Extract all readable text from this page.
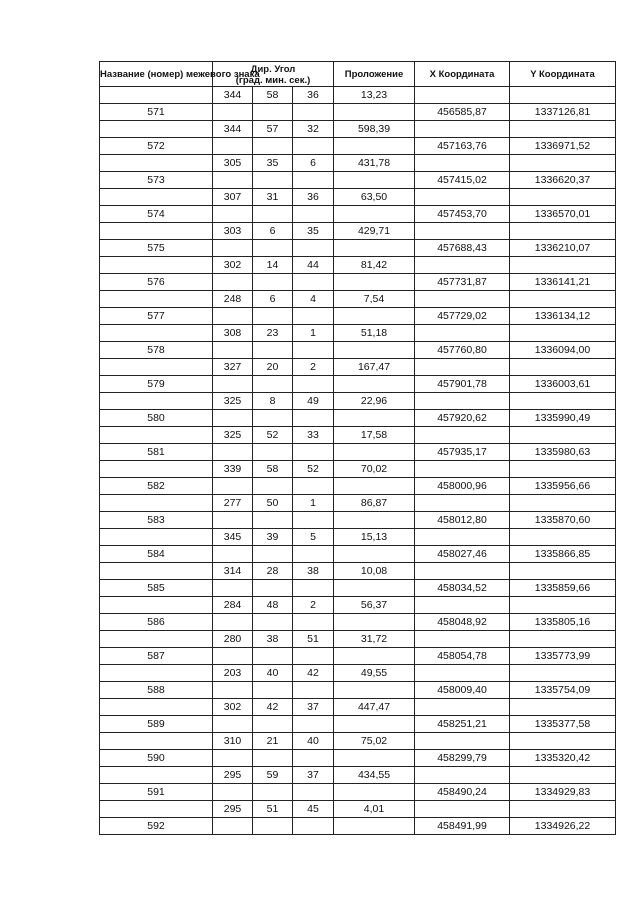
Название (номер) межевого знака	Дир. Угол
(град. мин. сек.)			Проложение	X Координата	Y Координата
	344	58	36	13,23		
571					456585,87	1337126,81
	344	57	32	598,39		
572					457163,76	1336971,52
	305	35	6	431,78		
573					457415,02	1336620,37
	307	31	36	63,50		
574					457453,70	1336570,01
	303	6	35	429,71		
575					457688,43	1336210,07
	302	14	44	81,42		
576					457731,87	1336141,21
	248	6	4	7,54		
577					457729,02	1336134,12
	308	23	1	51,18		
578					457760,80	1336094,00
	327	20	2	167,47		
579					457901,78	1336003,61
	325	8	49	22,96		
580					457920,62	1335990,49
	325	52	33	17,58		
581					457935,17	1335980,63
	339	58	52	70,02		
582					458000,96	1335956,66
	277	50	1	86,87		
583					458012,80	1335870,60
	345	39	5	15,13		
584					458027,46	1335866,85
	314	28	38	10,08		
585					458034,52	1335859,66
	284	48	2	56,37		
586					458048,92	1335805,16
	280	38	51	31,72		
587					458054,78	1335773,99
	203	40	42	49,55		
588					458009,40	1335754,09
	302	42	37	447,47		
589					458251,21	1335377,58
	310	21	40	75,02		
590					458299,79	1335320,42
	295	59	37	434,55		
591					458490,24	1334929,83
	295	51	45	4,01		
592					458491,99	1334926,22
